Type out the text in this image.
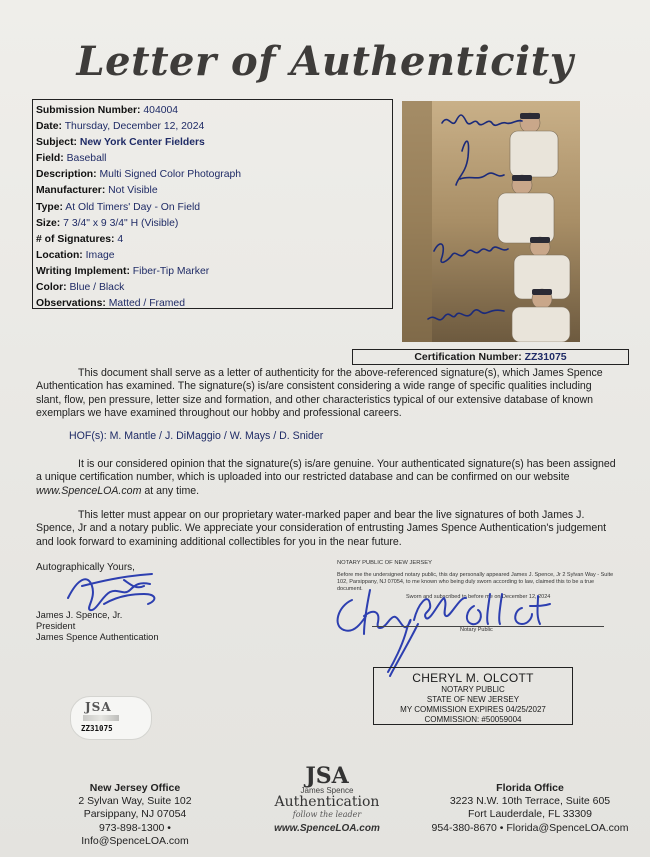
Letter of Authenticity
Submission Number: 404004
Date: Thursday, December 12, 2024
Subject: New York Center Fielders
Field: Baseball
Description: Multi Signed Color Photograph
Manufacturer: Not Visible
Type: At Old Timers' Day - On Field
Size: 7 3/4" x 9 3/4" H (Visible)
# of Signatures: 4
Location: Image
Writing Implement: Fiber-Tip Marker
Color: Blue / Black
Observations: Matted / Framed
Certification Number: ZZ31075
This document shall serve as a letter of authenticity for the above-referenced signature(s), which James Spence Authentication has examined. The signature(s) is/are consistent considering a wide range of specific qualities including slant, flow, pen pressure, letter size and formation, and other characteristics typical of our extensive database of known exemplars we have examined throughout our hobby and professional careers.
HOF(s): M. Mantle / J. DiMaggio / W. Mays / D. Snider
It is our considered opinion that the signature(s) is/are genuine. Your authenticated signature(s) has been assigned a unique certification number, which is uploaded into our restricted database and can be confirmed on our website www.SpenceLOA.com at any time.
This letter must appear on our proprietary water-marked paper and bear the live signatures of both James J. Spence, Jr and a notary public. We appreciate your consideration of entrusting James Spence Authentication's judgement and look forward to examining additional collectibles for you in the near future.
Autographically Yours,
James J. Spence, Jr.
President
James Spence Authentication
NOTARY PUBLIC OF NEW JERSEY
Before me the undersigned notary public, this day personally appeared James J. Spence, Jr 2 Sylvan Way - Suite
102, Parsippany, NJ 07054, to me known who being duly sworn according to law, claimed this to be a true
document.
Sworn and subscribed to before me on December 12, 2024
Notary Public
CHERYL M. OLCOTT
NOTARY PUBLIC
STATE OF NEW JERSEY
MY COMMISSION EXPIRES 04/25/2027
COMMISSION: #50059004
JSA
ZZ31075
New Jersey Office
2 Sylvan Way, Suite 102
Parsippany, NJ 07054
973-898-1300 • Info@SpenceLOA.com
JSA
James Spence
Authentication
follow the leader
www.SpenceLOA.com
Florida Office
3223 N.W. 10th Terrace, Suite 605
Fort Lauderdale, FL 33309
954-380-8670 • Florida@SpenceLOA.com
